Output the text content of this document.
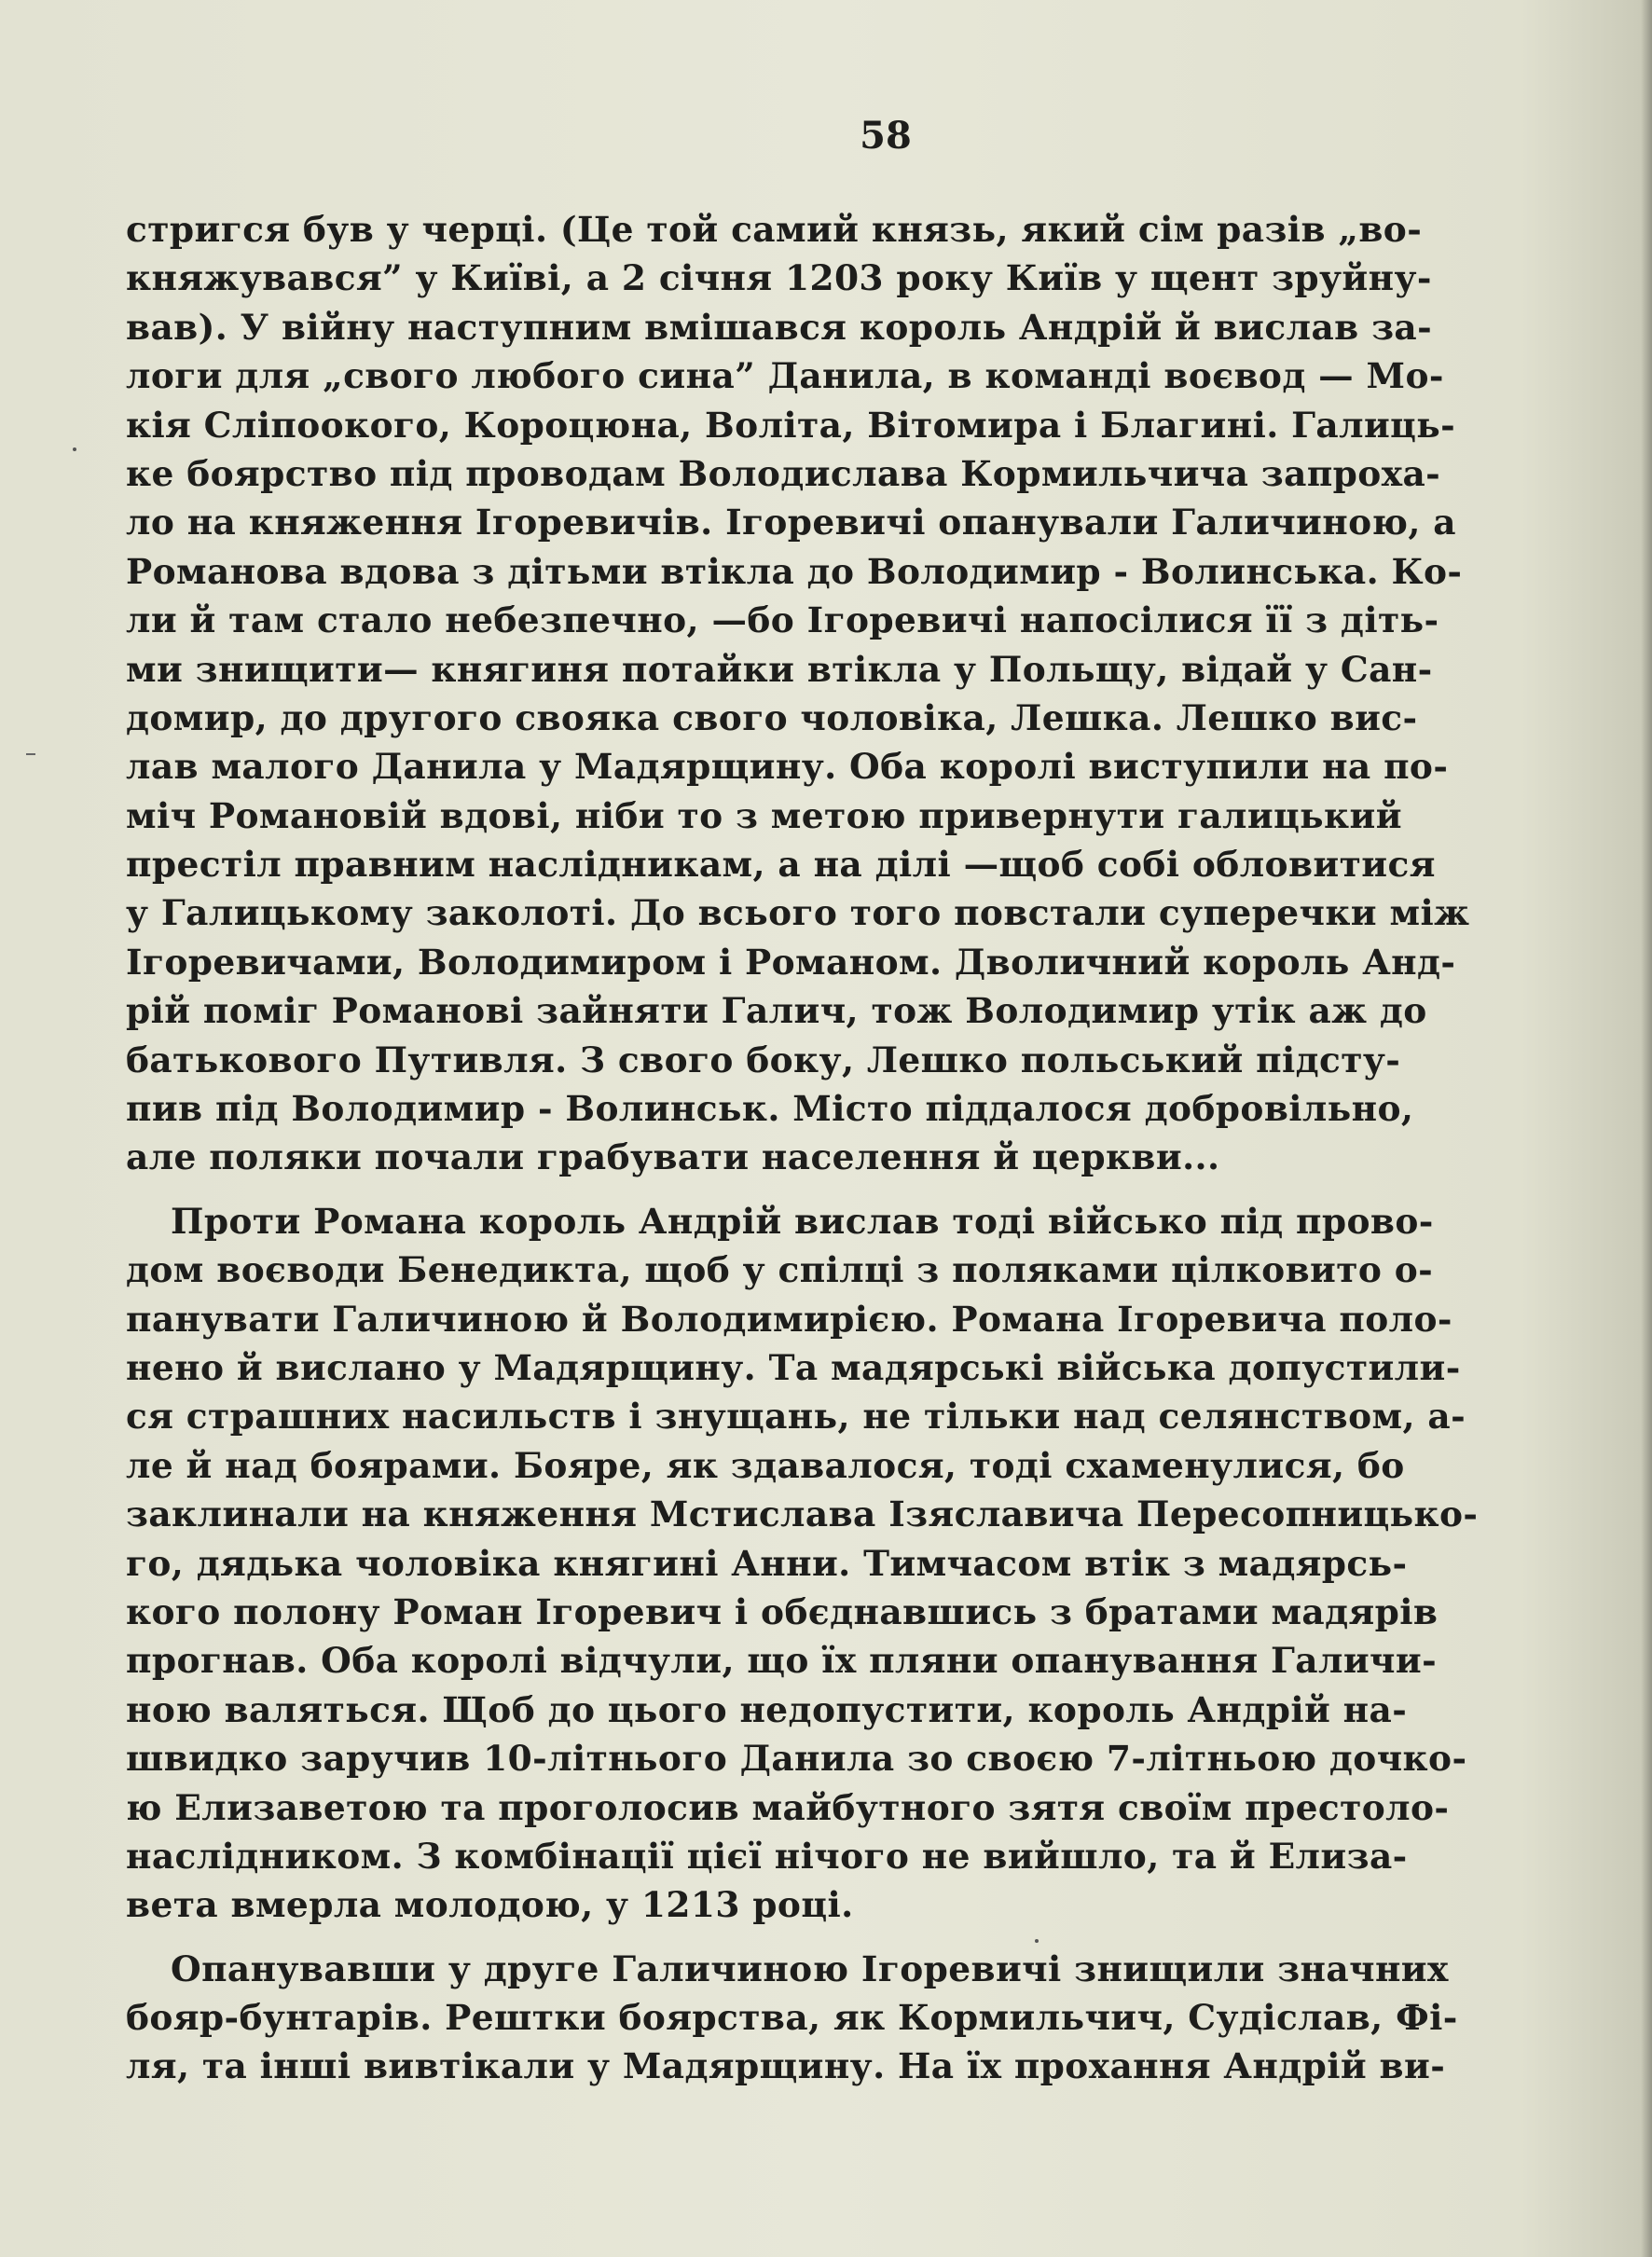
58
стригся був у черці. (Це той самий князь, який сім разів „во-
княжувався” у Київі, а 2 січня 1203 року Київ у щент зруйну-
вав). У війну наступним вмішався король Андрій й вислав за-
логи для „свого любого сина” Данила, в команді воєвод — Мо-
кія Сліпоокого, Короцюна, Воліта, Вітомира і Благині. Галиць-
ке боярство під проводам Володислава Кормильчича запроха-
ло на княження Ігоревичів. Ігоревичі опанували Галичиною, а
Романова вдова з дітьми втікла до Володимир - Волинська. Ко-
ли й там стало небезпечно, —бо Ігоревичі напосілися її з діть-
ми знищити— княгиня потайки втікла у Польщу, відай у Сан-
домир, до другого свояка свого чоловіка, Лешка. Лешко вис-
лав малого Данила у Мадярщину. Оба королі виступили на по-
міч Романовій вдові, ніби то з метою привернути галицький
престіл правним наслідникам, а на ділі —щоб собі обловитися
у Галицькому заколоті. До всього того повстали суперечки між
Ігоревичами, Володимиром і Романом. Дволичний король Анд-
рій поміг Романові зайняти Галич, тож Володимир утік аж до
батькового Путивля. З свого боку, Лешко польський підсту-
пив під Володимир - Волинськ. Місто піддалося добровільно,
але поляки почали грабувати населення й церкви...
Проти Романа король Андрій вислав тоді військо під прово-
дом воєводи Бенедикта, щоб у спілці з поляками цілковито о-
панувати Галичиною й Володимирією. Романа Ігоревича поло-
нено й вислано у Мадярщину. Та мадярські війська допустили-
ся страшних насильств і знущань, не тільки над селянством, а-
ле й над боярами. Бояре, як здавалося, тоді схаменулися, бо
заклинали на княження Мстислава Ізяславича Пересопницько-
го, дядька чоловіка княгині Анни. Тимчасом втік з мадярсь-
кого полону Роман Ігоревич і обєднавшись з братами мадярів
прогнав. Оба королі відчули, що їх пляни опанування Галичи-
ною валяться. Щоб до цього недопустити, король Андрій на-
швидко заручив 10-літнього Данила зо своєю 7-літньою дочко-
ю Елизаветою та проголосив майбутного зятя своїм престоло-
наслідником. З комбінації цієї нічого не вийшло, та й Елиза-
вета вмерла молодою, у 1213 році.
Опанувавши у друге Галичиною Ігоревичі знищили значних
бояр-бунтарів. Рештки боярства, як Кормильчич, Судіслав, Фі-
ля, та інші вивтікали у Мадярщину. На їх прохання Андрій ви-
